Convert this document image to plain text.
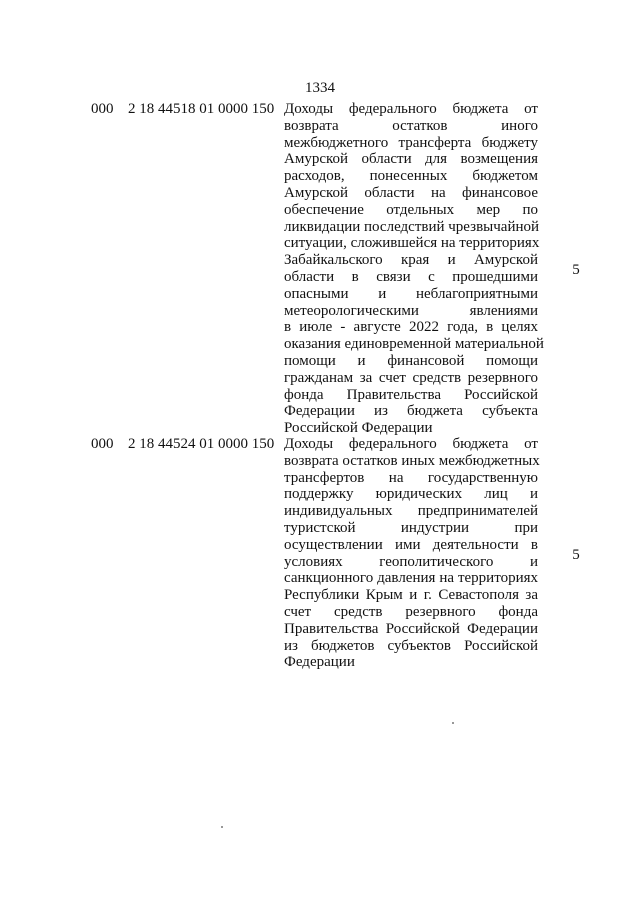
1334
000 2 18 44518 01 0000 150 Доходы федерального бюджета от
возврата остатков иного
межбюджетного трансферта бюджету
Амурской области для возмещения
расходов, понесенных бюджетом
Амурской области на финансовое
обеспечение отдельных мер по
ликвидации последствий чрезвычайной
ситуации, сложившейся на территориях
Забайкальского края и Амурской
области в связи с прошедшими
опасными и неблагоприятными
метеорологическими явлениями
в июле - августе 2022 года, в целях
оказания единовременной материальной
помощи и финансовой помощи
гражданам за счет средств резервного
фонда Правительства Российской
Федерации из бюджета субъекта
Российской Федерации
5
000 2 18 44524 01 0000 150 Доходы федерального бюджета от
возврата остатков иных межбюджетных
трансфертов на государственную
поддержку юридических лиц и
индивидуальных предпринимателей
туристской индустрии при
осуществлении ими деятельности в
условиях геополитического и
санкционного давления на территориях
Республики Крым и г. Севастополя за
счет средств резервного фонда
Правительства Российской Федерации
из бюджетов субъектов Российской
Федерации
5
